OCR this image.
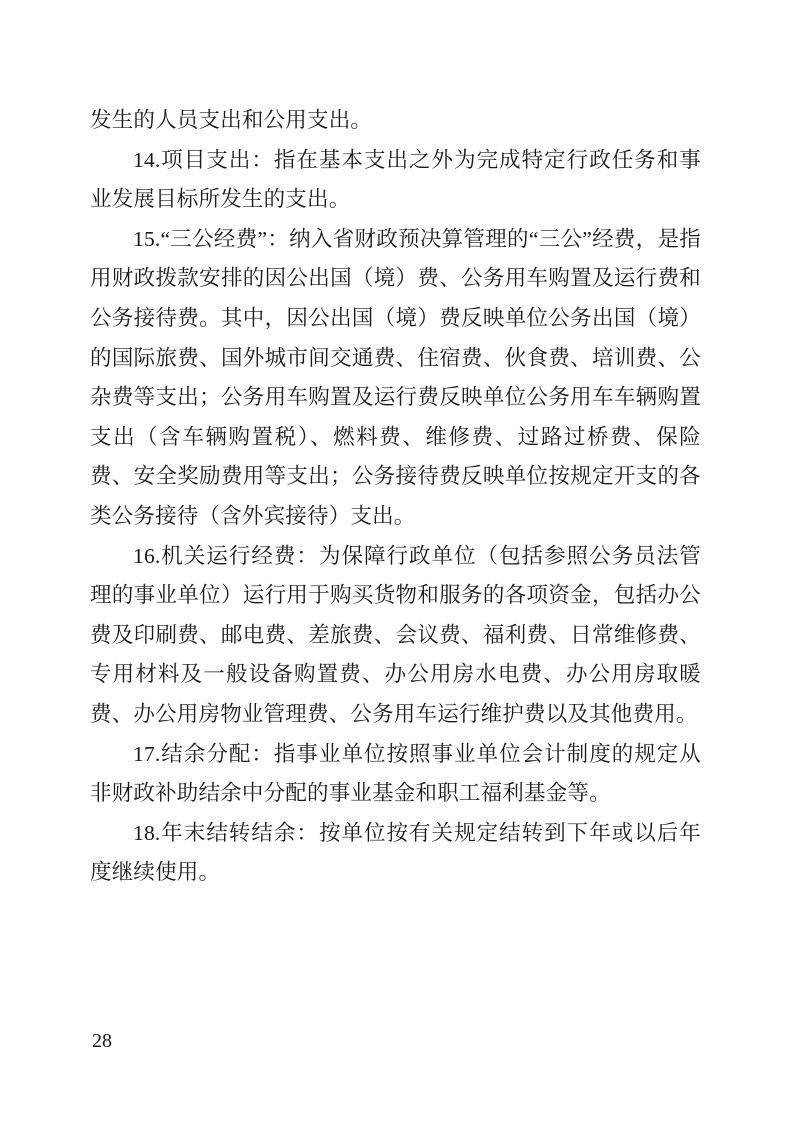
发生的人员支出和公用支出。

14.项目支出：指在基本支出之外为完成特定行政任务和事业发展目标所发生的支出。

15.“三公经费”：纳入省财政预决算管理的“三公”经费，是指用财政拨款安排的因公出国（境）费、公务用车购置及运行费和公务接待费。其中，因公出国（境）费反映单位公务出国（境）的国际旅费、国外城市间交通费、住宿费、伙食费、培训费、公杂费等支出；公务用车购置及运行费反映单位公务用车车辆购置支出（含车辆购置税）、燃料费、维修费、过路过桥费、保险费、安全奖励费用等支出；公务接待费反映单位按规定开支的各类公务接待（含外宾接待）支出。

16.机关运行经费：为保障行政单位（包括参照公务员法管理的事业单位）运行用于购买货物和服务的各项资金，包括办公费及印刷费、邮电费、差旅费、会议费、福利费、日常维修费、专用材料及一般设备购置费、办公用房水电费、办公用房取暖费、办公用房物业管理费、公务用车运行维护费以及其他费用。

17.结余分配：指事业单位按照事业单位会计制度的规定从非财政补助结余中分配的事业基金和职工福利基金等。

18.年末结转结余：按单位按有关规定结转到下年或以后年度继续使用。

28
